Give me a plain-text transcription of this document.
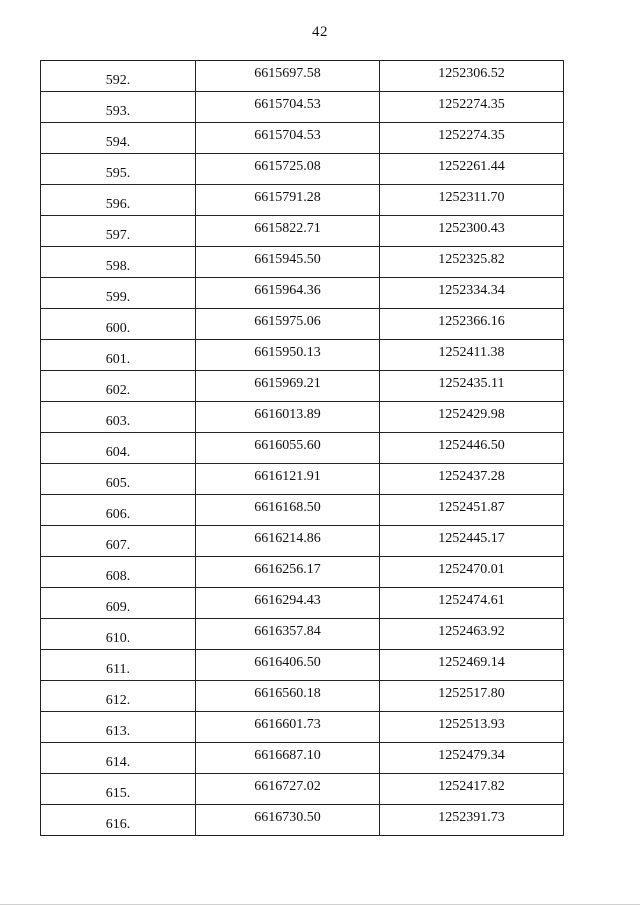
42
592.	6615697.58	1252306.52
593.	6615704.53	1252274.35
594.	6615704.53	1252274.35
595.	6615725.08	1252261.44
596.	6615791.28	1252311.70
597.	6615822.71	1252300.43
598.	6615945.50	1252325.82
599.	6615964.36	1252334.34
600.	6615975.06	1252366.16
601.	6615950.13	1252411.38
602.	6615969.21	1252435.11
603.	6616013.89	1252429.98
604.	6616055.60	1252446.50
605.	6616121.91	1252437.28
606.	6616168.50	1252451.87
607.	6616214.86	1252445.17
608.	6616256.17	1252470.01
609.	6616294.43	1252474.61
610.	6616357.84	1252463.92
611.	6616406.50	1252469.14
612.	6616560.18	1252517.80
613.	6616601.73	1252513.93
614.	6616687.10	1252479.34
615.	6616727.02	1252417.82
616.	6616730.50	1252391.73
